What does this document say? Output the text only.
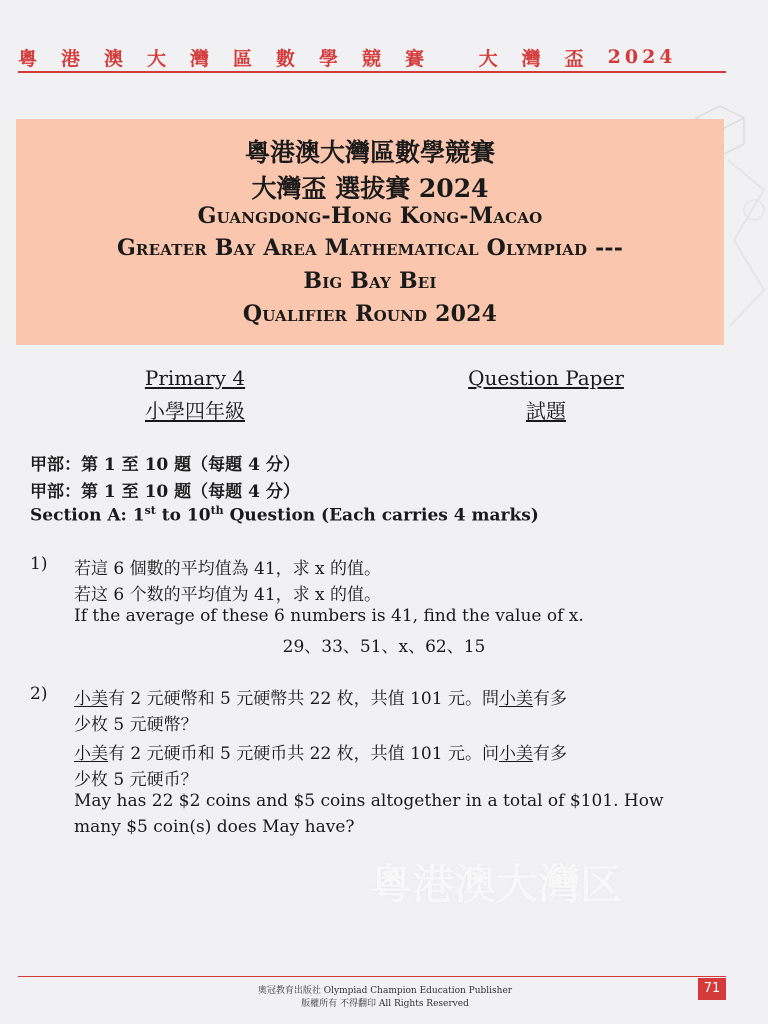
粵港澳大灣區數學競賽 大灣盃 2024
粵港澳大灣区
粵港澳大灣區數學競賽
大灣盃 選拔賽 2024
Guangdong-Hong Kong-Macao
Greater Bay Area Mathematical Olympiad ---
Big Bay Bei
Qualifier Round 2024
Primary 4
小學四年級
Question Paper
試題
甲部：第 1 至 10 題（每題 4 分）
甲部：第 1 至 10 题（每题 4 分）
Section A: 1st to 10th Question (Each carries 4 marks)
1) 若這 6 個數的平均值為 41，求 x 的值。
若这 6 个数的平均值为 41，求 x 的值。
If the average of these 6 numbers is 41, find the value of x.
29、33、51、x、62、15
2) 小美有 2 元硬幣和 5 元硬幣共 22 枚，共值 101 元。問小美有多
少枚 5 元硬幣？
小美有 2 元硬币和 5 元硬币共 22 枚，共值 101 元。问小美有多
少枚 5 元硬币？
May has 22 $2 coins and $5 coins altogether in a total of $101. How
many $5 coin(s) does May have?
奧冠教育出版社 Olympiad Champion Education Publisher
版權所有 不得翻印 All Rights Reserved
71
